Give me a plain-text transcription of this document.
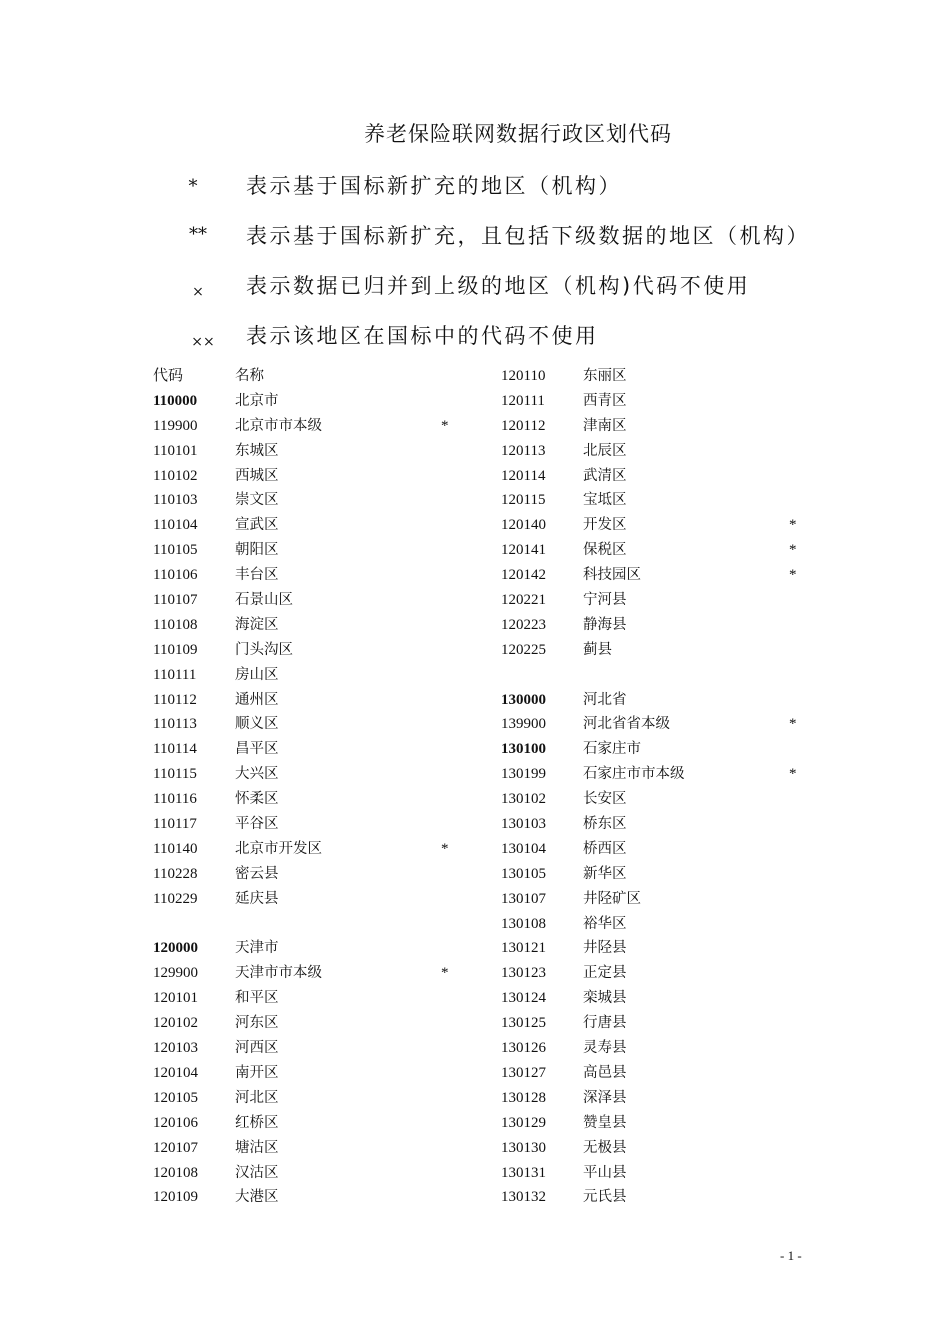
养老保险联网数据行政区划代码
*	表示基于国标新扩充的地区（机构）
**	表示基于国标新扩充，且包括下级数据的地区（机构）
×	表示数据已归并到上级的地区（机构)代码不使用
××	表示该地区在国标中的代码不使用
代码	名称
110000	北京市
119900	北京市市本级	*
110101	东城区
110102	西城区
110103	崇文区
110104	宣武区
110105	朝阳区
110106	丰台区
110107	石景山区
110108	海淀区
110109	门头沟区
110111	房山区
110112	通州区
110113	顺义区
110114	昌平区
110115	大兴区
110116	怀柔区
110117	平谷区
110140	北京市开发区	*
110228	密云县
110229	延庆县
120000	天津市
129900	天津市市本级	*
120101	和平区
120102	河东区
120103	河西区
120104	南开区
120105	河北区
120106	红桥区
120107	塘沽区
120108	汉沽区
120109	大港区
120110	东丽区
120111	西青区
120112	津南区
120113	北辰区
120114	武清区
120115	宝坻区
120140	开发区	*
120141	保税区	*
120142	科技园区	*
120221	宁河县
120223	静海县
120225	蓟县
130000	河北省
139900	河北省省本级	*
130100	石家庄市
130199	石家庄市市本级	*
130102	长安区
130103	桥东区
130104	桥西区
130105	新华区
130107	井陉矿区
130108	裕华区
130121	井陉县
130123	正定县
130124	栾城县
130125	行唐县
130126	灵寿县
130127	高邑县
130128	深泽县
130129	赞皇县
130130	无极县
130131	平山县
130132	元氏县
- 1 -
